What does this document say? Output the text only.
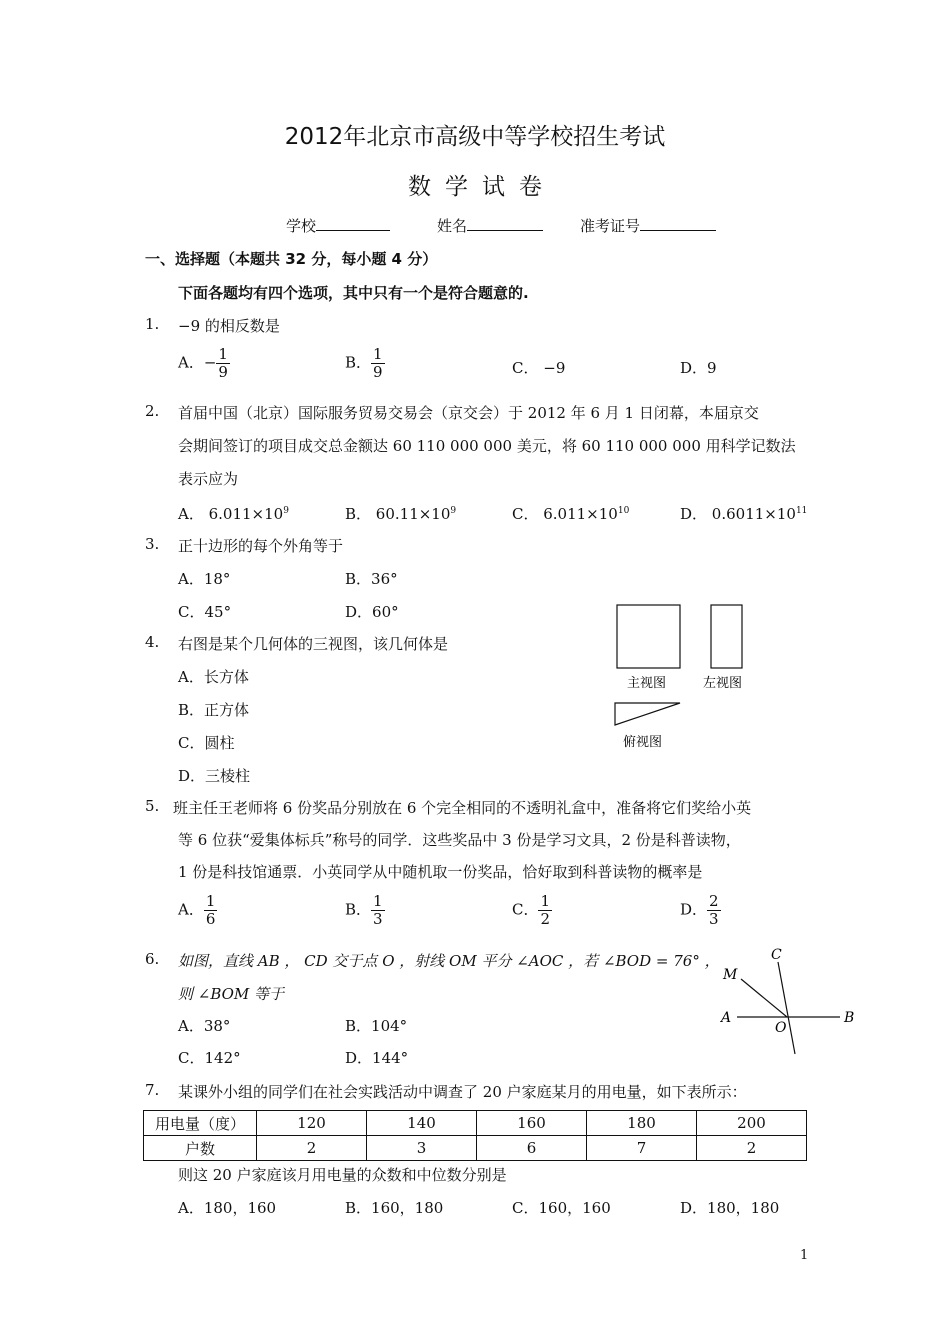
2012年北京市高级中等学校招生考试
数学试卷
学校	姓名	准考证号
一、选择题（本题共 32 分，每小题 4 分）
下面各题均有四个选项，其中只有一个是符合题意的.
1. −9 的相反数是
A．− $\frac{1}{9}$	B． $\frac{1}{9}$	C． −9	D．9
2. 首届中国（北京）国际服务贸易交易会（京交会）于 2012 年 6 月 1 日闭幕，本届京交
会期间签订的项目成交总金额达 60 110 000 000 美元，将 60 110 000 000 用科学记数法
表示应为
A． $6.011\times 10^9$	B． $60.11\times 10^9$	C． $6.011\times 10^{10}$	D． $0.6011\times 10^{11}$
3. 正十边形的每个外角等于
A．18°	B．36°
C．45°	D．60°
4. 右图是某个几何体的三视图，该几何体是
A．长方体
B．正方体
C．圆柱
D．三棱柱
主视图	左视图
俯视图
5. 班主任王老师将 6 份奖品分别放在 6 个完全相同的不透明礼盒中，准备将它们奖给小英
等 6 位获“爱集体标兵”称号的同学．这些奖品中 3 份是学习文具，2 份是科普读物，
1 份是科技馆通票．小英同学从中随机取一份奖品，恰好取到科普读物的概率是
A． $\frac{1}{6}$	B． $\frac{1}{3}$	C． $\frac{1}{2}$	D． $\frac{2}{3}$
6. 如图，直线 AB ， CD 交于点 O ，射线 OM 平分 ∠AOC ，若 ∠BOD = 76° ，
则 ∠BOM 等于
A．38°	B．104°
C．142°	D．144°
C
M
A
O
B
7. 某课外小组的同学们在社会实践活动中调查了 20 户家庭某月的用电量，如下表所示：
用电量（度）	120	140	160	180	200
户数	2	3	6	7	2
则这 20 户家庭该月用电量的众数和中位数分别是
A．180，160	B．160，180	C．160，160	D．180，180
1
